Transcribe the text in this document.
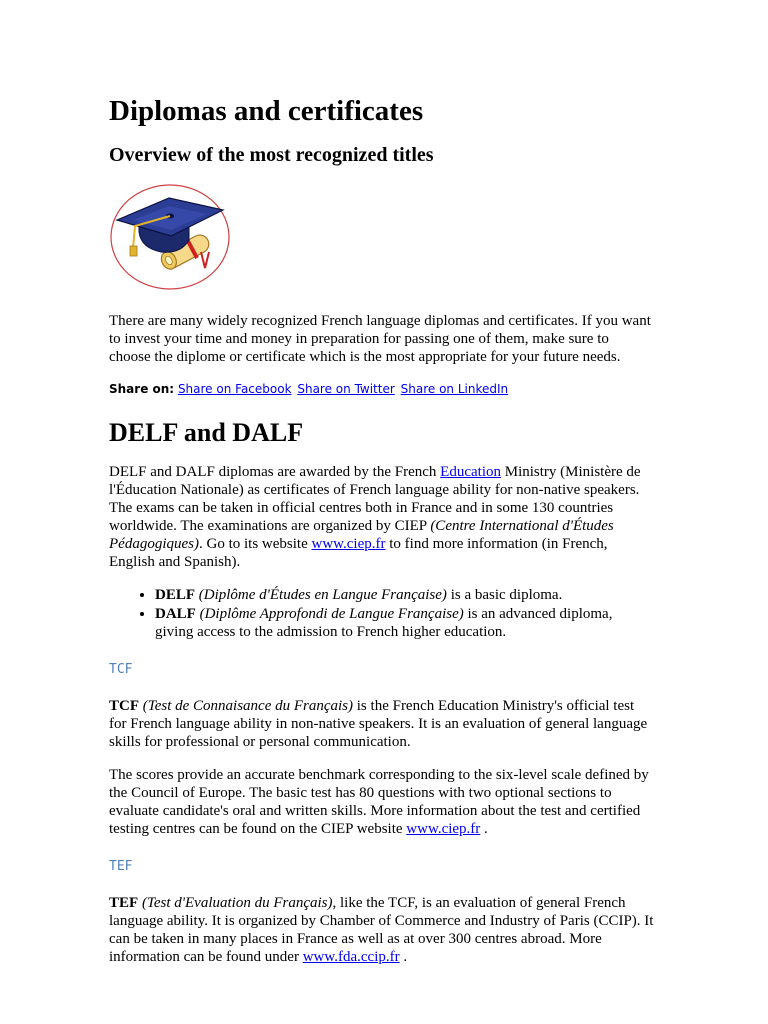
Diplomas and certificates
Overview of the most recognized titles

There are many widely recognized French language diplomas and certificates. If you want to invest your time and money in preparation for passing one of them, make sure to choose the diplome or certificate which is the most appropriate for your future needs.

Share on: Share on Facebook Share on Twitter Share on LinkedIn
DELF and DALF

DELF and DALF diplomas are awarded by the French Education Ministry (Ministère de l'Éducation Nationale) as certificates of French language ability for non-native speakers. The exams can be taken in official centres both in France and in some 130 countries worldwide. The examinations are organized by CIEP (Centre International d'Études Pédagogiques). Go to its website www.ciep.fr to find more information (in French, English and Spanish).

• DELF (Diplôme d'Études en Langue Française) is a basic diploma.
• DALF (Diplôme Approfondi de Langue Française) is an advanced diploma, giving access to the admission to French higher education.
TCF

TCF (Test de Connaisance du Français) is the French Education Ministry's official test for French language ability in non-native speakers. It is an evaluation of general language skills for professional or personal communication.

The scores provide an accurate benchmark corresponding to the six-level scale defined by the Council of Europe. The basic test has 80 questions with two optional sections to evaluate candidate's oral and written skills. More information about the test and certified testing centres can be found on the CIEP website www.ciep.fr .

TEF

TEF (Test d'Evaluation du Français), like the TCF, is an evaluation of general French language ability. It is organized by Chamber of Commerce and Industry of Paris (CCIP). It can be taken in many places in France as well as at over 300 centres abroad. More information can be found under www.fda.ccip.fr .
